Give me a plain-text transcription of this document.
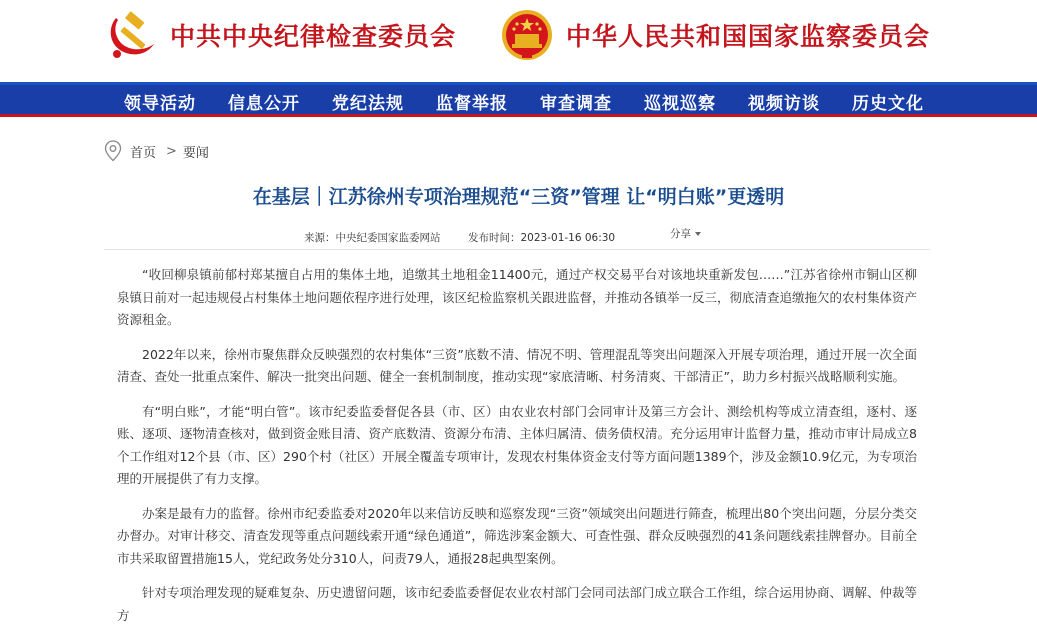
中共中央纪律检查委员会	中华人民共和国国家监察委员会
领导活动 信息公开 党纪法规 监督举报 审查调查 巡视巡察 视频访谈 历史文化
首页 > 要闻
在基层｜江苏徐州专项治理规范“三资”管理 让“明白账”更透明
来源：中央纪委国家监委网站	发布时间：2023-01-16 06:30	分享

“收回柳泉镇前郁村郑某擅自占用的集体土地，追缴其土地租金11400元，通过产权交易平台对该地块重新发包……”江苏省徐州市铜山区柳泉镇日前对一起违规侵占村集体土地问题依程序进行处理，该区纪检监察机关跟进监督，并推动各镇举一反三，彻底清查追缴拖欠的农村集体资产资源租金。

2022年以来，徐州市聚焦群众反映强烈的农村集体“三资”底数不清、情况不明、管理混乱等突出问题深入开展专项治理，通过开展一次全面清查、查处一批重点案件、解决一批突出问题、健全一套机制制度，推动实现“家底清晰、村务清爽、干部清正”，助力乡村振兴战略顺利实施。

有“明白账”，才能“明白管”。该市纪委监委督促各县（市、区）由农业农村部门会同审计及第三方会计、测绘机构等成立清查组，逐村、逐账、逐项、逐物清查核对，做到资金账目清、资产底数清、资源分布清、主体归属清、债务债权清。充分运用审计监督力量，推动市审计局成立8个工作组对12个县（市、区）290个村（社区）开展全覆盖专项审计，发现农村集体资金支付等方面问题1389个，涉及金额10.9亿元，为专项治理的开展提供了有力支撑。

办案是最有力的监督。徐州市纪委监委对2020年以来信访反映和巡察发现“三资”领域突出问题进行筛查，梳理出80个突出问题，分层分类交办督办。对审计移交、清查发现等重点问题线索开通“绿色通道”，筛选涉案金额大、可查性强、群众反映强烈的41条问题线索挂牌督办。目前全市共采取留置措施15人，党纪政务处分310人，问责79人，通报28起典型案例。

针对专项治理发现的疑难复杂、历史遗留问题，该市纪委监委督促农业农村部门会同司法部门成立联合工作组，综合运用协商、调解、仲裁等方
